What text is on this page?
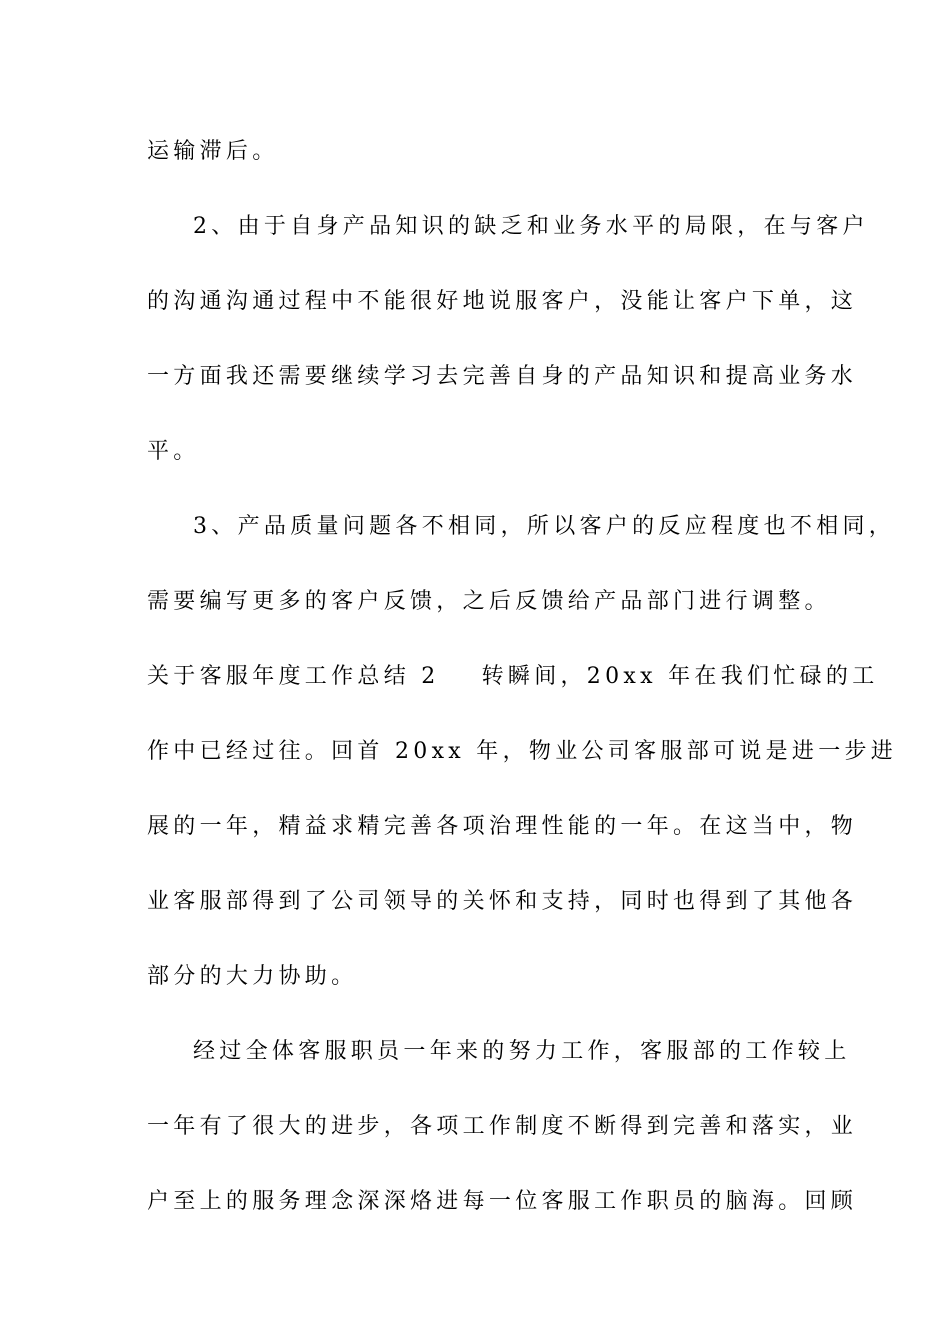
运输滞后。
2、由于自身产品知识的缺乏和业务水平的局限，在与客户
的沟通沟通过程中不能很好地说服客户，没能让客户下单，这
一方面我还需要继续学习去完善自身的产品知识和提高业务水
平。
3、产品质量问题各不相同，所以客户的反应程度也不相同，
需要编写更多的客户反馈，之后反馈给产品部门进行调整。
关于客服年度工作总结 2 转瞬间，20xx 年在我们忙碌的工
作中已经过往。回首 20xx 年，物业公司客服部可说是进一步进
展的一年，精益求精完善各项治理性能的一年。在这当中，物
业客服部得到了公司领导的关怀和支持，同时也得到了其他各
部分的大力协助。
经过全体客服职员一年来的努力工作，客服部的工作较上
一年有了很大的进步，各项工作制度不断得到完善和落实，业
户至上的服务理念深深烙进每一位客服工作职员的脑海。回顾
